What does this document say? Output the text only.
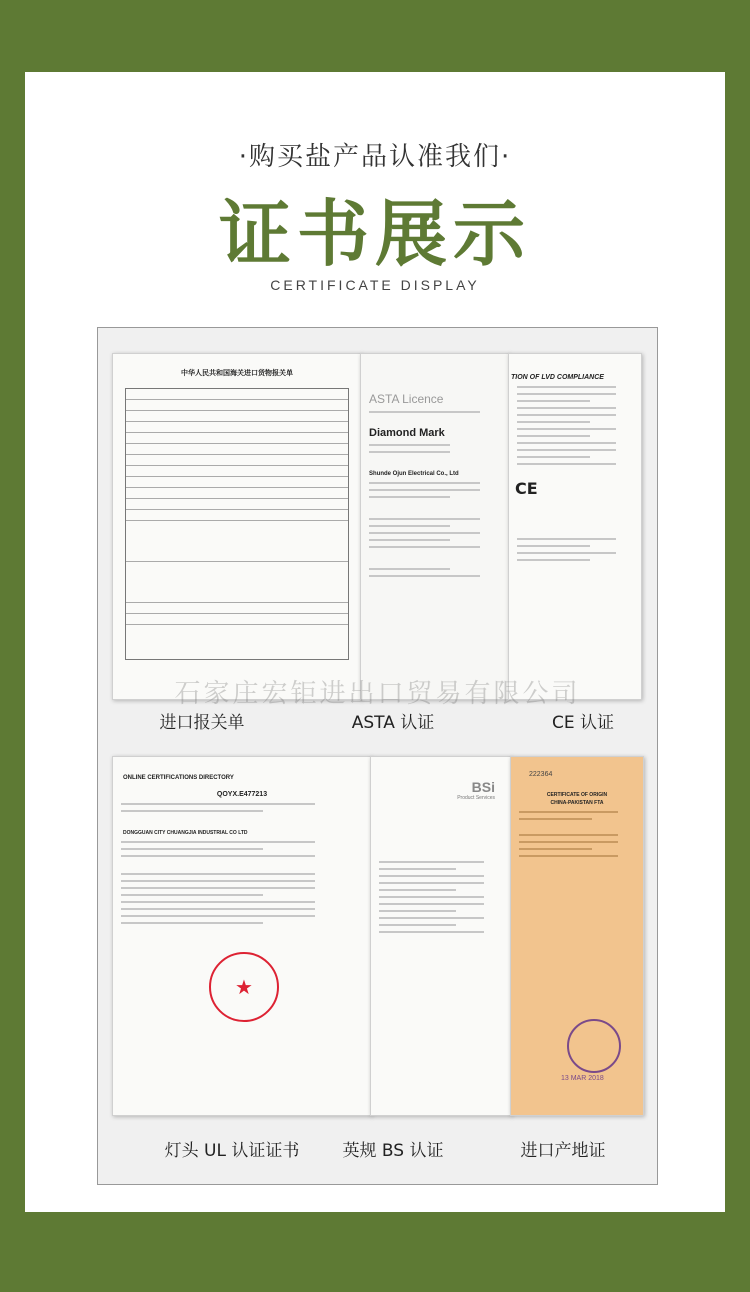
·购买盐产品认准我们·
证书展示
CERTIFICATE DISPLAY
中华人民共和国海关进口货物报关单
ASTA Licence
Diamond Mark
Shunde Ojun Electrical Co., Ltd
TION OF LVD COMPLIANCE
CE
石家庄宏钜进出口贸易有限公司
进口报关单	ASTA 认证	CE 认证
ONLINE CERTIFICATIONS DIRECTORY
QOYX.E477213
DONGGUAN CITY CHUANGJIA INDUSTRIAL CO LTD
★
BSi
Product Services
222364
CERTIFICATE OF ORIGIN
CHINA-PAKISTAN FTA
13 MAR 2018
灯头 UL 认证证书	英规 BS 认证	进口产地证
